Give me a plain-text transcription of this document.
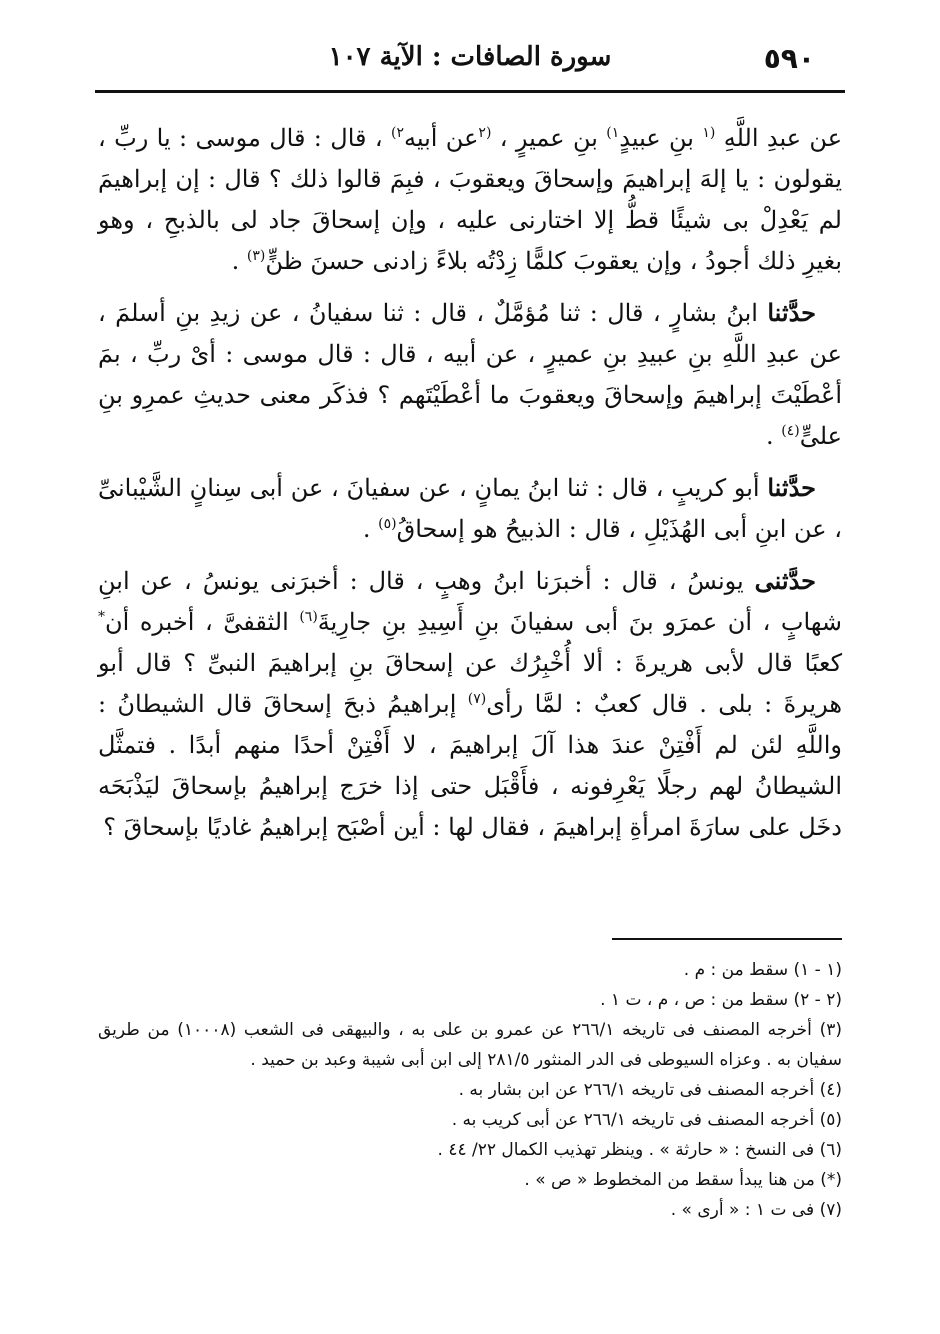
٥٩٠
سورة الصافات : الآية ١٠٧

عن عبدِ اللَّهِ $^{(١}$ بنِ عبيدٍ$^{١)}$ بنِ عميرٍ ، $^{(٢}$عن أبيه$^{٢)}$ ، قال : قال موسى : يا ربِّ ، يقولون : يا إلهَ إبراهيمَ وإسحاقَ ويعقوبَ ، فبِمَ قالوا ذلك ؟ قال : إن إبراهيمَ لم يَعْدِلْ بى شيئًا قطُّ إلا اختارنى عليه ، وإن إسحاقَ جاد لى بالذبحِ ، وهو بغيرِ ذلك أجودُ ، وإن يعقوبَ كلمًّا زِدْتُه بلاءً زادنى حسنَ ظنٍّ$^{(٣)}$ .

حدَّثنا ابنُ بشارٍ ، قال : ثنا مُؤمَّلٌ ، قال : ثنا سفيانُ ، عن زيدِ بنِ أسلمَ ، عن عبدِ اللَّهِ بنِ عبيدِ بنِ عميرٍ ، عن أبيه ، قال : قال موسى : أىْ ربِّ ، بمَ أعْطَيْتَ إبراهيمَ وإسحاقَ ويعقوبَ ما أعْطَيْتَهم ؟ فذكَر معنى حديثِ عمرِو بنِ علىٍّ$^{(٤)}$ .

حدَّثنا أبو كريبٍ ، قال : ثنا ابنُ يمانٍ ، عن سفيانَ ، عن أبى سِنانٍ الشَّيْبانىِّ ، عن ابنِ أبى الهُذَيْلِ ، قال : الذبيحُ هو إسحاقُ$^{(٥)}$ .

حدَّثنى يونسُ ، قال : أخبرَنا ابنُ وهبٍ ، قال : أخبرَنى يونسُ ، عن ابنِ شهابٍ ، أن عمرَو بنَ أبى سفيانَ بنِ أَسِيدِ بنِ جارِيةَ$^{(٦)}$ الثقفىَّ ، أخبره أن* كعبًا قال لأبى هريرةَ : ألا أُخْبِرُك عن إسحاقَ بنِ إبراهيمَ النبىِّ ؟ قال أبو هريرةَ : بلى . قال كعبٌ : لمَّا رأى$^{(٧)}$ إبراهيمُ ذبحَ إسحاقَ قال الشيطانُ : واللَّهِ لئن لم أَفْتِنْ عندَ هذا آلَ إبراهيمَ ، لا أَفْتِنْ أحدًا منهم أبدًا . فتمثَّل الشيطانُ لهم رجلًا يَعْرِفونه ، فأَقْبَل حتى إذا خرَج إبراهيمُ بإسحاقَ ليَذْبَحَه دخَل على سارَةَ امرأةِ إبراهيمَ ، فقال لها : أين أصْبَح إبراهيمُ غاديًا بإسحاقَ ؟

(١ - ١) سقط من : م .

(٢ - ٢) سقط من : ص ، م ، ت ١ .

(٣) أخرجه المصنف فى تاريخه ٢٦٦/١ عن عمرو بن على به ، والبيهقى فى الشعب (١٠٠٠٨) من طريق سفيان به . وعزاه السيوطى فى الدر المنثور ٢٨١/٥ إلى ابن أبى شيبة وعبد بن حميد .

(٤) أخرجه المصنف فى تاريخه ٢٦٦/١ عن ابن بشار به .

(٥) أخرجه المصنف فى تاريخه ٢٦٦/١ عن أبى كريب به .

(٦) فى النسخ : « حارثة » . وينظر تهذيب الكمال ٢٢/ ٤٤ .

(*) من هنا يبدأ سقط من المخطوط « ص » .

(٧) فى ت ١ : « أرى » .
